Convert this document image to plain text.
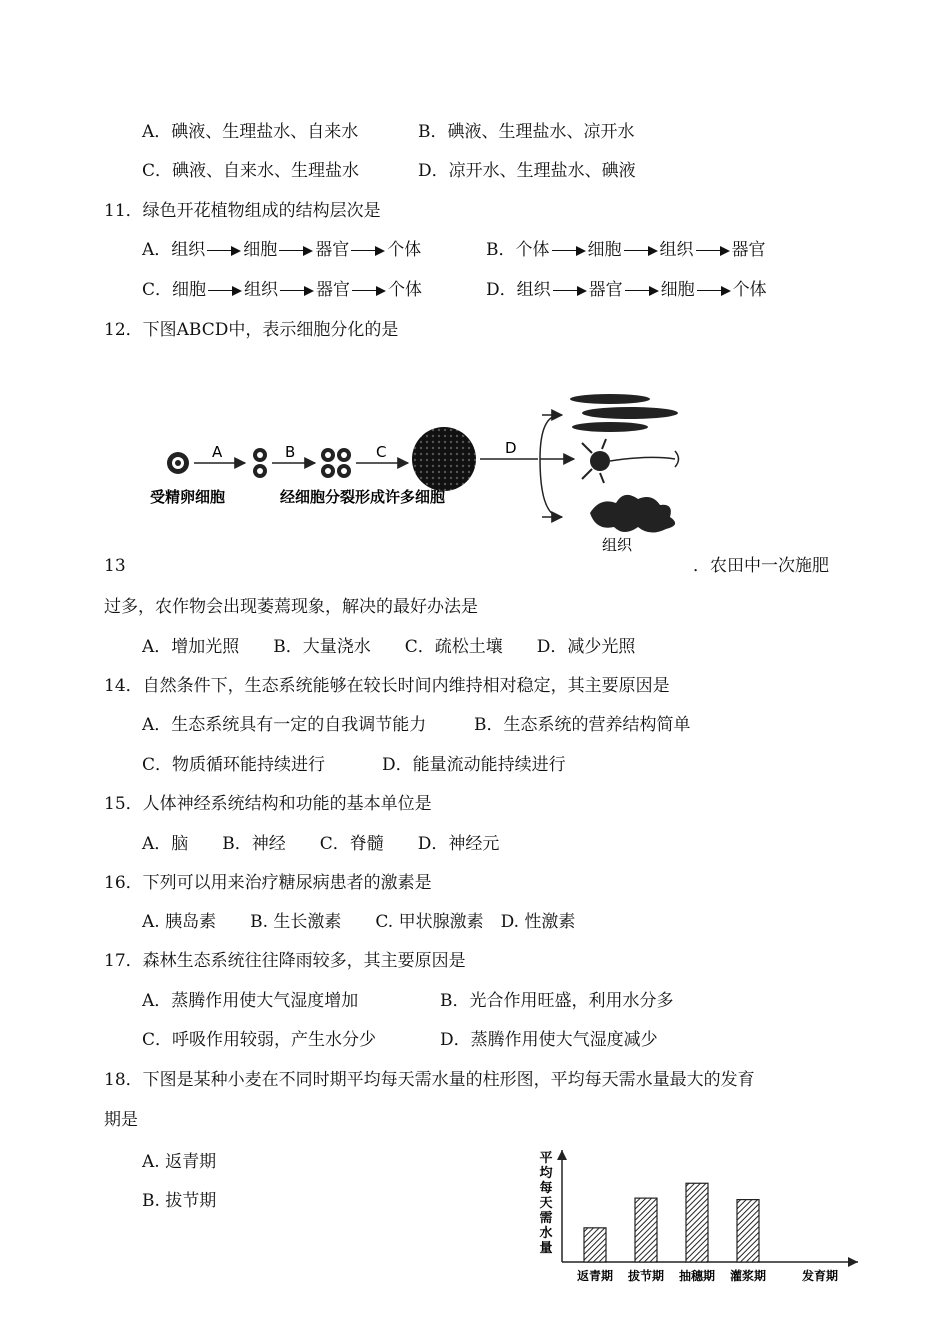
A．碘液、生理盐水、自来水	B．碘液、生理盐水、凉开水
C．碘液、自来水、生理盐水	D．凉开水、生理盐水、碘液
11．绿色开花植物组成的结构层次是
A．组织 细胞 器官 个体	B．个体 细胞 组织 器官
C．细胞 组织 器官 个体	D．组织 器官 细胞 个体
12．下图ABCD中，表示细胞分化的是
A	B	C	D
受精卵细胞	经细胞分裂形成许多细胞
组织
13	．农田中一次施肥
过多，农作物会出现萎蔫现象，解决的最好办法是
A．增加光照　　B．大量浇水　　C．疏松土壤　　D．减少光照
14．自然条件下，生态系统能够在较长时间内维持相对稳定，其主要原因是
A．生态系统具有一定的自我调节能力	B．生态系统的营养结构简单
C．物质循环能持续进行	D．能量流动能持续进行
15．人体神经系统结构和功能的基本单位是
A．脑　　B．神经　　C．脊髓　　D．神经元
16．下列可以用来治疗糖尿病患者的激素是
A. 胰岛素　　B. 生长激素　　C. 甲状腺激素　D. 性激素
17．森林生态系统往往降雨较多，其主要原因是
A．蒸腾作用使大气湿度增加	B．光合作用旺盛，利用水分多
C．呼吸作用较弱，产生水分少	D．蒸腾作用使大气湿度减少
18．下图是某种小麦在不同时期平均每天需水量的柱形图，平均每天需水量最大的发育
期是
A. 返青期
B. 拔节期
平
均
每
天
需
水
量
返青期 拔节期 抽穗期 灌浆期	发育期
